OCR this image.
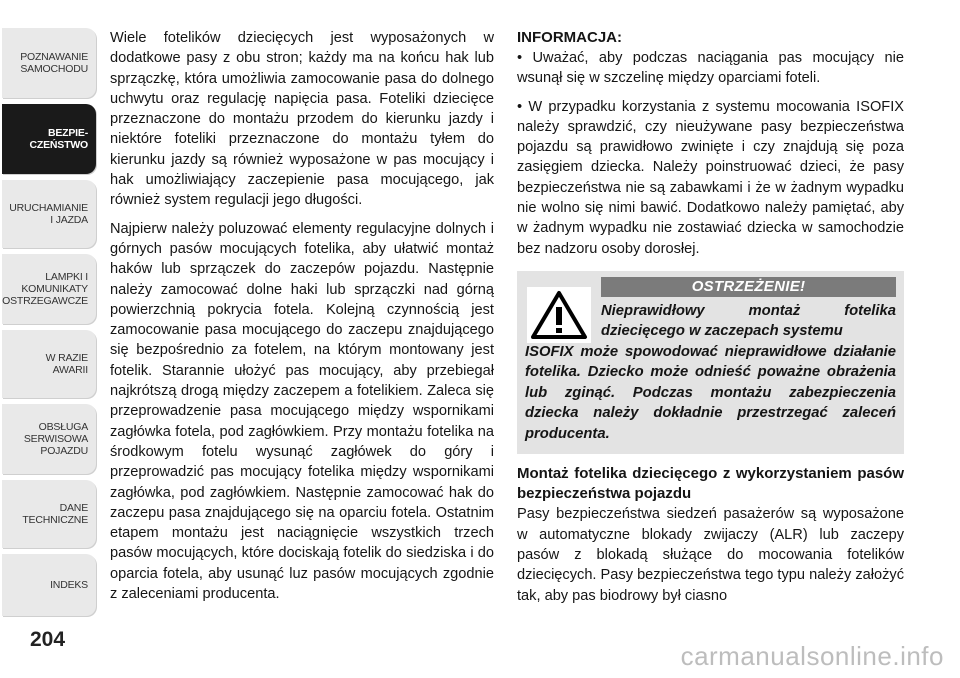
POZNAWANIE
SAMOCHODU
BEZPIE-
CZEŃSTWO
URUCHAMIANIE
I JAZDA
LAMPKI I
KOMUNIKATY
OSTRZEGAWCZE
W RAZIE
AWARII
OBSŁUGA
SERWISOWA
POJAZDU
DANE
TECHNICZNE
INDEKS
204

Wiele fotelików dziecięcych jest wyposażonych w dodatkowe pasy z obu stron; każdy ma na końcu hak lub sprzączkę, która umożliwia zamocowanie pasa do dolnego uchwytu oraz regulację napięcia pasa. Foteliki dziecięce przeznaczone do montażu przodem do kierunku jazdy i niektóre foteliki przeznaczone do montażu tyłem do kierunku jazdy są również wyposażone w pas mocujący i hak umożliwiający zaczepienie pasa mocującego, jak również system regulacji jego długości.

Najpierw należy poluzować elementy regulacyjne dolnych i górnych pasów mocujących fotelika, aby ułatwić montaż haków lub sprzączek do zaczepów pojazdu. Następnie należy zamocować dolne haki lub sprzączki nad górną powierzchnią pokrycia fotela. Kolejną czynnością jest zamocowanie pasa mocującego do zaczepu znajdującego się bezpośrednio za fotelem, na którym montowany jest fotelik. Starannie ułożyć pas mocujący, aby przebiegał najkrótszą drogą między zaczepem a fotelikiem. Zaleca się przeprowadzenie pasa mocującego między wspornikami zagłówka fotela, pod zagłówkiem. Przy montażu fotelika na środkowym fotelu wysunąć zagłówek do góry i przeprowadzić pas mocujący fotelika między wspornikami zagłówka, pod zagłówkiem. Następnie zamocować hak do zaczepu pasa znajdującego się na oparciu fotela. Ostatnim etapem montażu jest naciągnięcie wszystkich trzech pasów mocujących, które dociskają fotelik do siedziska i do oparcia fotela, aby usunąć luz pasów mocujących zgodnie z zaleceniami producenta.

INFORMACJA:

• Uważać, aby podczas naciągania pas mocujący nie wsunął się w szczelinę między oparciami foteli.

• W przypadku korzystania z systemu mocowania ISOFIX należy sprawdzić, czy nieużywane pasy bezpieczeństwa pojazdu są prawidłowo zwinięte i czy znajdują się poza zasięgiem dziecka. Należy poinstruować dzieci, że pasy bezpieczeństwa nie są zabawkami i że w żadnym wypadku nie wolno się nimi bawić. Dodatkowo należy pamiętać, aby w żadnym wypadku nie zostawiać dziecka w samochodzie bez nadzoru osoby dorosłej.

OSTRZEŻENIE!
Nieprawidłowy montaż fotelika dziecięcego w zaczepach systemu
ISOFIX może spowodować nieprawidłowe działanie fotelika. Dziecko może odnieść poważne obrażenia lub zginąć. Podczas montażu zabezpieczenia dziecka należy dokładnie przestrzegać zaleceń producenta.
Montaż fotelika dziecięcego z wykorzystaniem pasów bezpieczeństwa pojazdu

Pasy bezpieczeństwa siedzeń pasażerów są wyposażone w automatyczne blokady zwijaczy (ALR) lub zaczepy pasów z blokadą służące do mocowania fotelików dziecięcych. Pasy bezpieczeństwa tego typu należy założyć tak, aby pas biodrowy był ciasno

carmanualsonline.info
